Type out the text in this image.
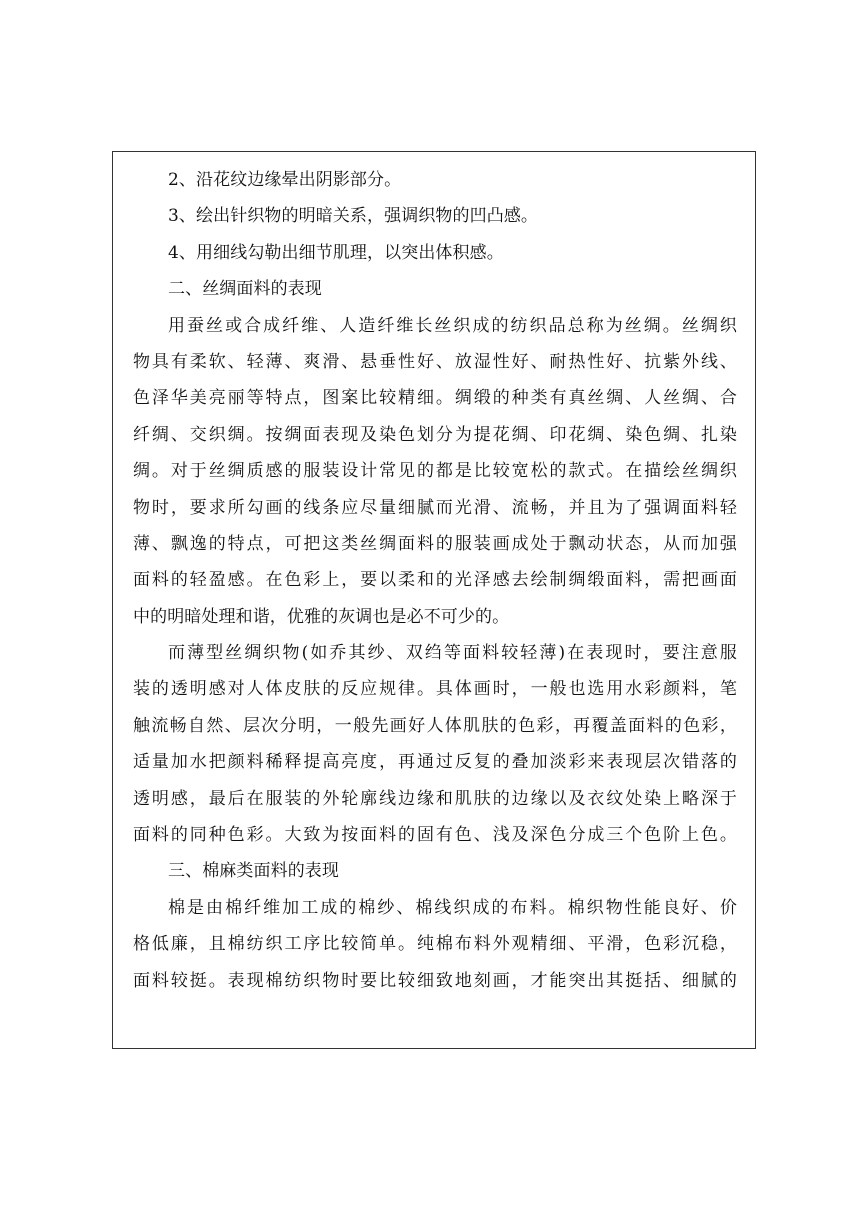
2、沿花纹边缘晕出阴影部分。
3、绘出针织物的明暗关系，强调织物的凹凸感。
4、用细线勾勒出细节肌理，以突出体积感。
二、丝绸面料的表现
用蚕丝或合成纤维、人造纤维长丝织成的纺织品总称为丝绸。丝绸织
物具有柔软、轻薄、爽滑、悬垂性好、放湿性好、耐热性好、抗紫外线、
色泽华美亮丽等特点，图案比较精细。绸缎的种类有真丝绸、人丝绸、合
纤绸、交织绸。按绸面表现及染色划分为提花绸、印花绸、染色绸、扎染
绸。对于丝绸质感的服装设计常见的都是比较宽松的款式。在描绘丝绸织
物时，要求所勾画的线条应尽量细腻而光滑、流畅，并且为了强调面料轻
薄、飘逸的特点，可把这类丝绸面料的服装画成处于飘动状态，从而加强
面料的轻盈感。在色彩上，要以柔和的光泽感去绘制绸缎面料，需把画面
中的明暗处理和谐，优雅的灰调也是必不可少的。
而薄型丝绸织物(如乔其纱、双绉等面料较轻薄)在表现时，要注意服
装的透明感对人体皮肤的反应规律。具体画时，一般也选用水彩颜料，笔
触流畅自然、层次分明，一般先画好人体肌肤的色彩，再覆盖面料的色彩，
适量加水把颜料稀释提高亮度，再通过反复的叠加淡彩来表现层次错落的
透明感，最后在服装的外轮廓线边缘和肌肤的边缘以及衣纹处染上略深于
面料的同种色彩。大致为按面料的固有色、浅及深色分成三个色阶上色。
三、棉麻类面料的表现
棉是由棉纤维加工成的棉纱、棉线织成的布料。棉织物性能良好、价
格低廉，且棉纺织工序比较简单。纯棉布料外观精细、平滑，色彩沉稳，
面料较挺。表现棉纺织物时要比较细致地刻画，才能突出其挺括、细腻的
